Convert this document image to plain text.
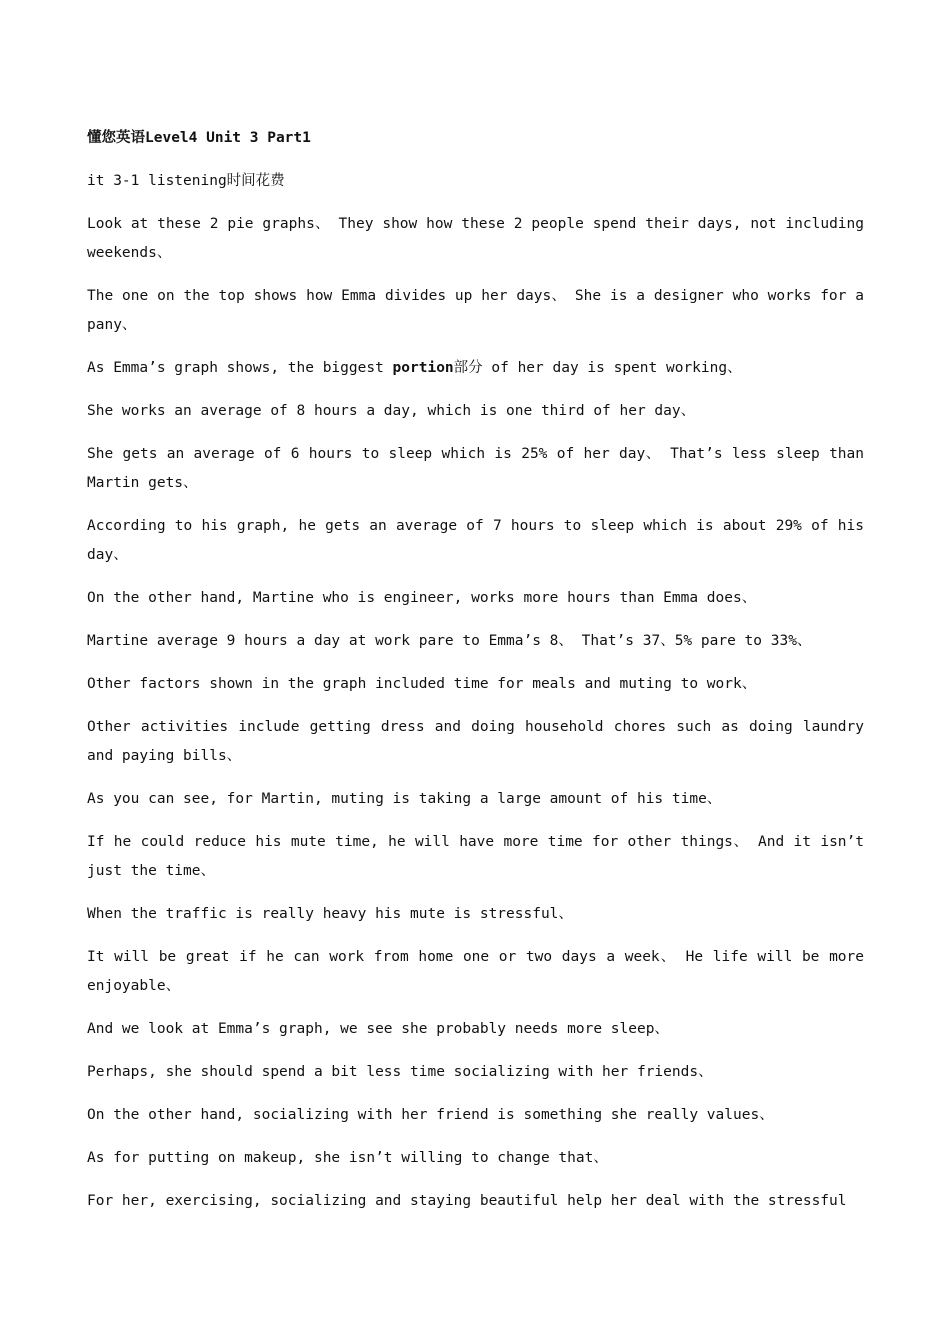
懂您英语Level4 Unit 3 Part1
it 3-1 listening时间花费
Look at these 2 pie graphs、 They show how these 2 people spend their days, not including weekends、
The one on the top shows how Emma divides up her days、 She is a designer who works for a pany、
As Emma’s graph shows, the biggest portion部分 of her day is spent working、
She works an average of 8 hours a day, which is one third of her day、
She gets an average of 6 hours to sleep which is 25% of her day、 That’s less sleep than Martin gets、
According to his graph, he gets an average of 7 hours to sleep which is about 29% of his day、
On the other hand, Martine who is engineer, works more hours than Emma does、
Martine average 9 hours a day at work pare to Emma’s 8、 That’s 37、5% pare to 33%、
Other factors shown in the graph included time for meals and muting to work、
Other activities include getting dress and doing household chores such as doing laundry and paying bills、
As you can see, for Martin, muting is taking a large amount of his time、
If he could reduce his mute time, he will have more time for other things、 And it isn’t just the time、
When the traffic is really heavy his mute is stressful、
It will be great if he can work from home one or two days a week、 He life will be more enjoyable、
And we look at Emma’s graph, we see she probably needs more sleep、
Perhaps, she should spend a bit less time socializing with her friends、
On the other hand, socializing with her friend is something she really values、
As for putting on makeup, she isn’t willing to change that、
For her, exercising, socializing and staying beautiful help her deal with the stressful
